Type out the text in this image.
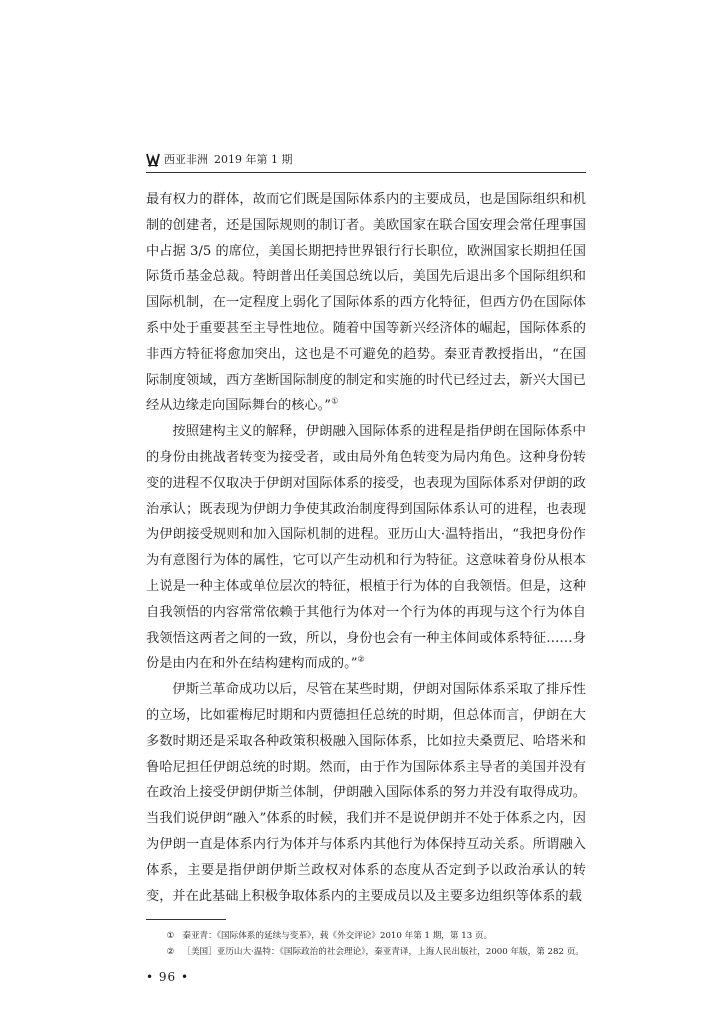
西亚非洲 2019 年第 1 期

最有权力的群体，故而它们既是国际体系内的主要成员，也是国际组织和机制的创建者，还是国际规则的制订者。美欧国家在联合国安理会常任理事国中占据 3/5 的席位，美国长期把持世界银行行长职位，欧洲国家长期担任国际货币基金总裁。特朗普出任美国总统以后，美国先后退出多个国际组织和国际机制，在一定程度上弱化了国际体系的西方化特征，但西方仍在国际体系中处于重要甚至主导性地位。随着中国等新兴经济体的崛起，国际体系的非西方特征将愈加突出，这也是不可避免的趋势。秦亚青教授指出，“在国际制度领域，西方垄断国际制度的制定和实施的时代已经过去，新兴大国已经从边缘走向国际舞台的核心。”①

按照建构主义的解释，伊朗融入国际体系的进程是指伊朗在国际体系中的身份由挑战者转变为接受者，或由局外角色转变为局内角色。这种身份转变的进程不仅取决于伊朗对国际体系的接受，也表现为国际体系对伊朗的政治承认；既表现为伊朗力争使其政治制度得到国际体系认可的进程，也表现为伊朗接受规则和加入国际机制的进程。亚历山大·温特指出，“我把身份作为有意图行为体的属性，它可以产生动机和行为特征。这意味着身份从根本上说是一种主体或单位层次的特征，根植于行为体的自我领悟。但是，这种自我领悟的内容常常依赖于其他行为体对一个行为体的再现与这个行为体自我领悟这两者之间的一致，所以，身份也会有一种主体间或体系特征……身份是由内在和外在结构建构而成的。”②

伊斯兰革命成功以后，尽管在某些时期，伊朗对国际体系采取了排斥性的立场，比如霍梅尼时期和内贾德担任总统的时期，但总体而言，伊朗在大多数时期还是采取各种政策积极融入国际体系，比如拉夫桑贾尼、哈塔米和鲁哈尼担任伊朗总统的时期。然而，由于作为国际体系主导者的美国并没有在政治上接受伊朗伊斯兰体制，伊朗融入国际体系的努力并没有取得成功。当我们说伊朗“融入”体系的时候，我们并不是说伊朗并不处于体系之内，因为伊朗一直是体系内行为体并与体系内其他行为体保持互动关系。所谓融入体系，主要是指伊朗伊斯兰政权对体系的态度从否定到予以政治承认的转变，并在此基础上积极争取体系内的主要成员以及主要多边组织等体系的载

① 秦亚青：《国际体系的延续与变革》，载《外交评论》2010 年第 1 期，第 13 页。

② ［美国］亚历山大·温特：《国际政治的社会理论》，秦亚青译，上海人民出版社，2000 年版，第 282 页。

• 96 •
